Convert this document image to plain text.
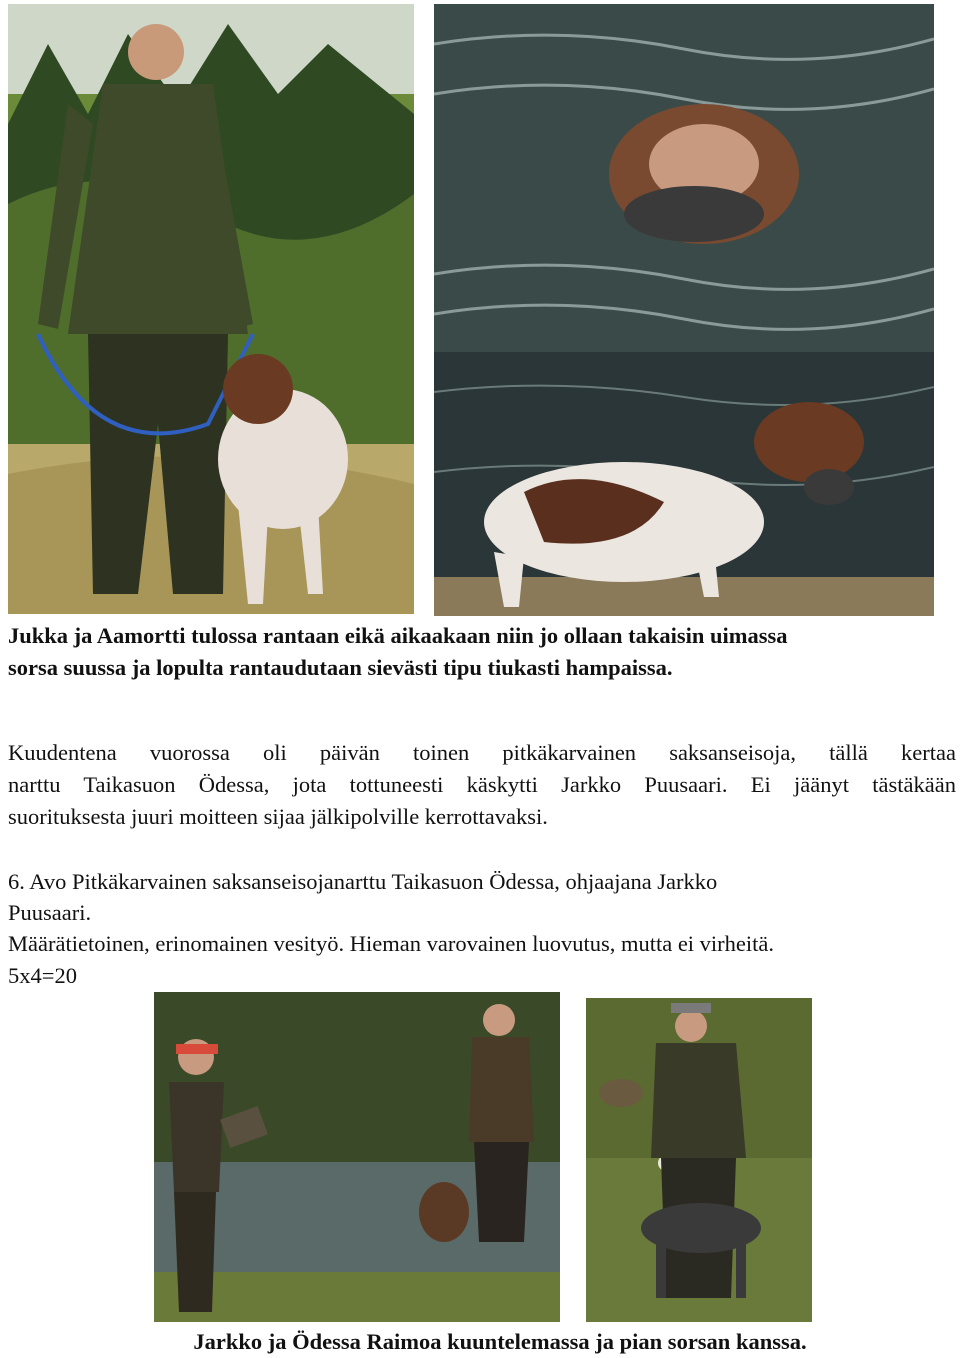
Jukka ja Aamortti tulossa rantaan eikä aikaakaan niin jo ollaan takaisin uimassa
sorsa suussa ja lopulta rantaudutaan sievästi tipu tiukasti hampaissa.
Kuudentena vuorossa oli päivän toinen pitkäkarvainen saksanseisoja, tällä kertaa
narttu Taikasuon Ödessa, jota tottuneesti käskytti Jarkko Puusaari. Ei jäänyt tästäkään
suorituksesta juuri moitteen sijaa jälkipolville kerrottavaksi.
6. Avo Pitkäkarvainen saksanseisojanarttu Taikasuon Ödessa, ohjaajana Jarkko
Puusaari.
Määrätietoinen, erinomainen vesityö. Hieman varovainen luovutus, mutta ei virheitä.
5x4=20
Jarkko ja Ödessa Raimoa kuuntelemassa ja pian sorsan kanssa.
